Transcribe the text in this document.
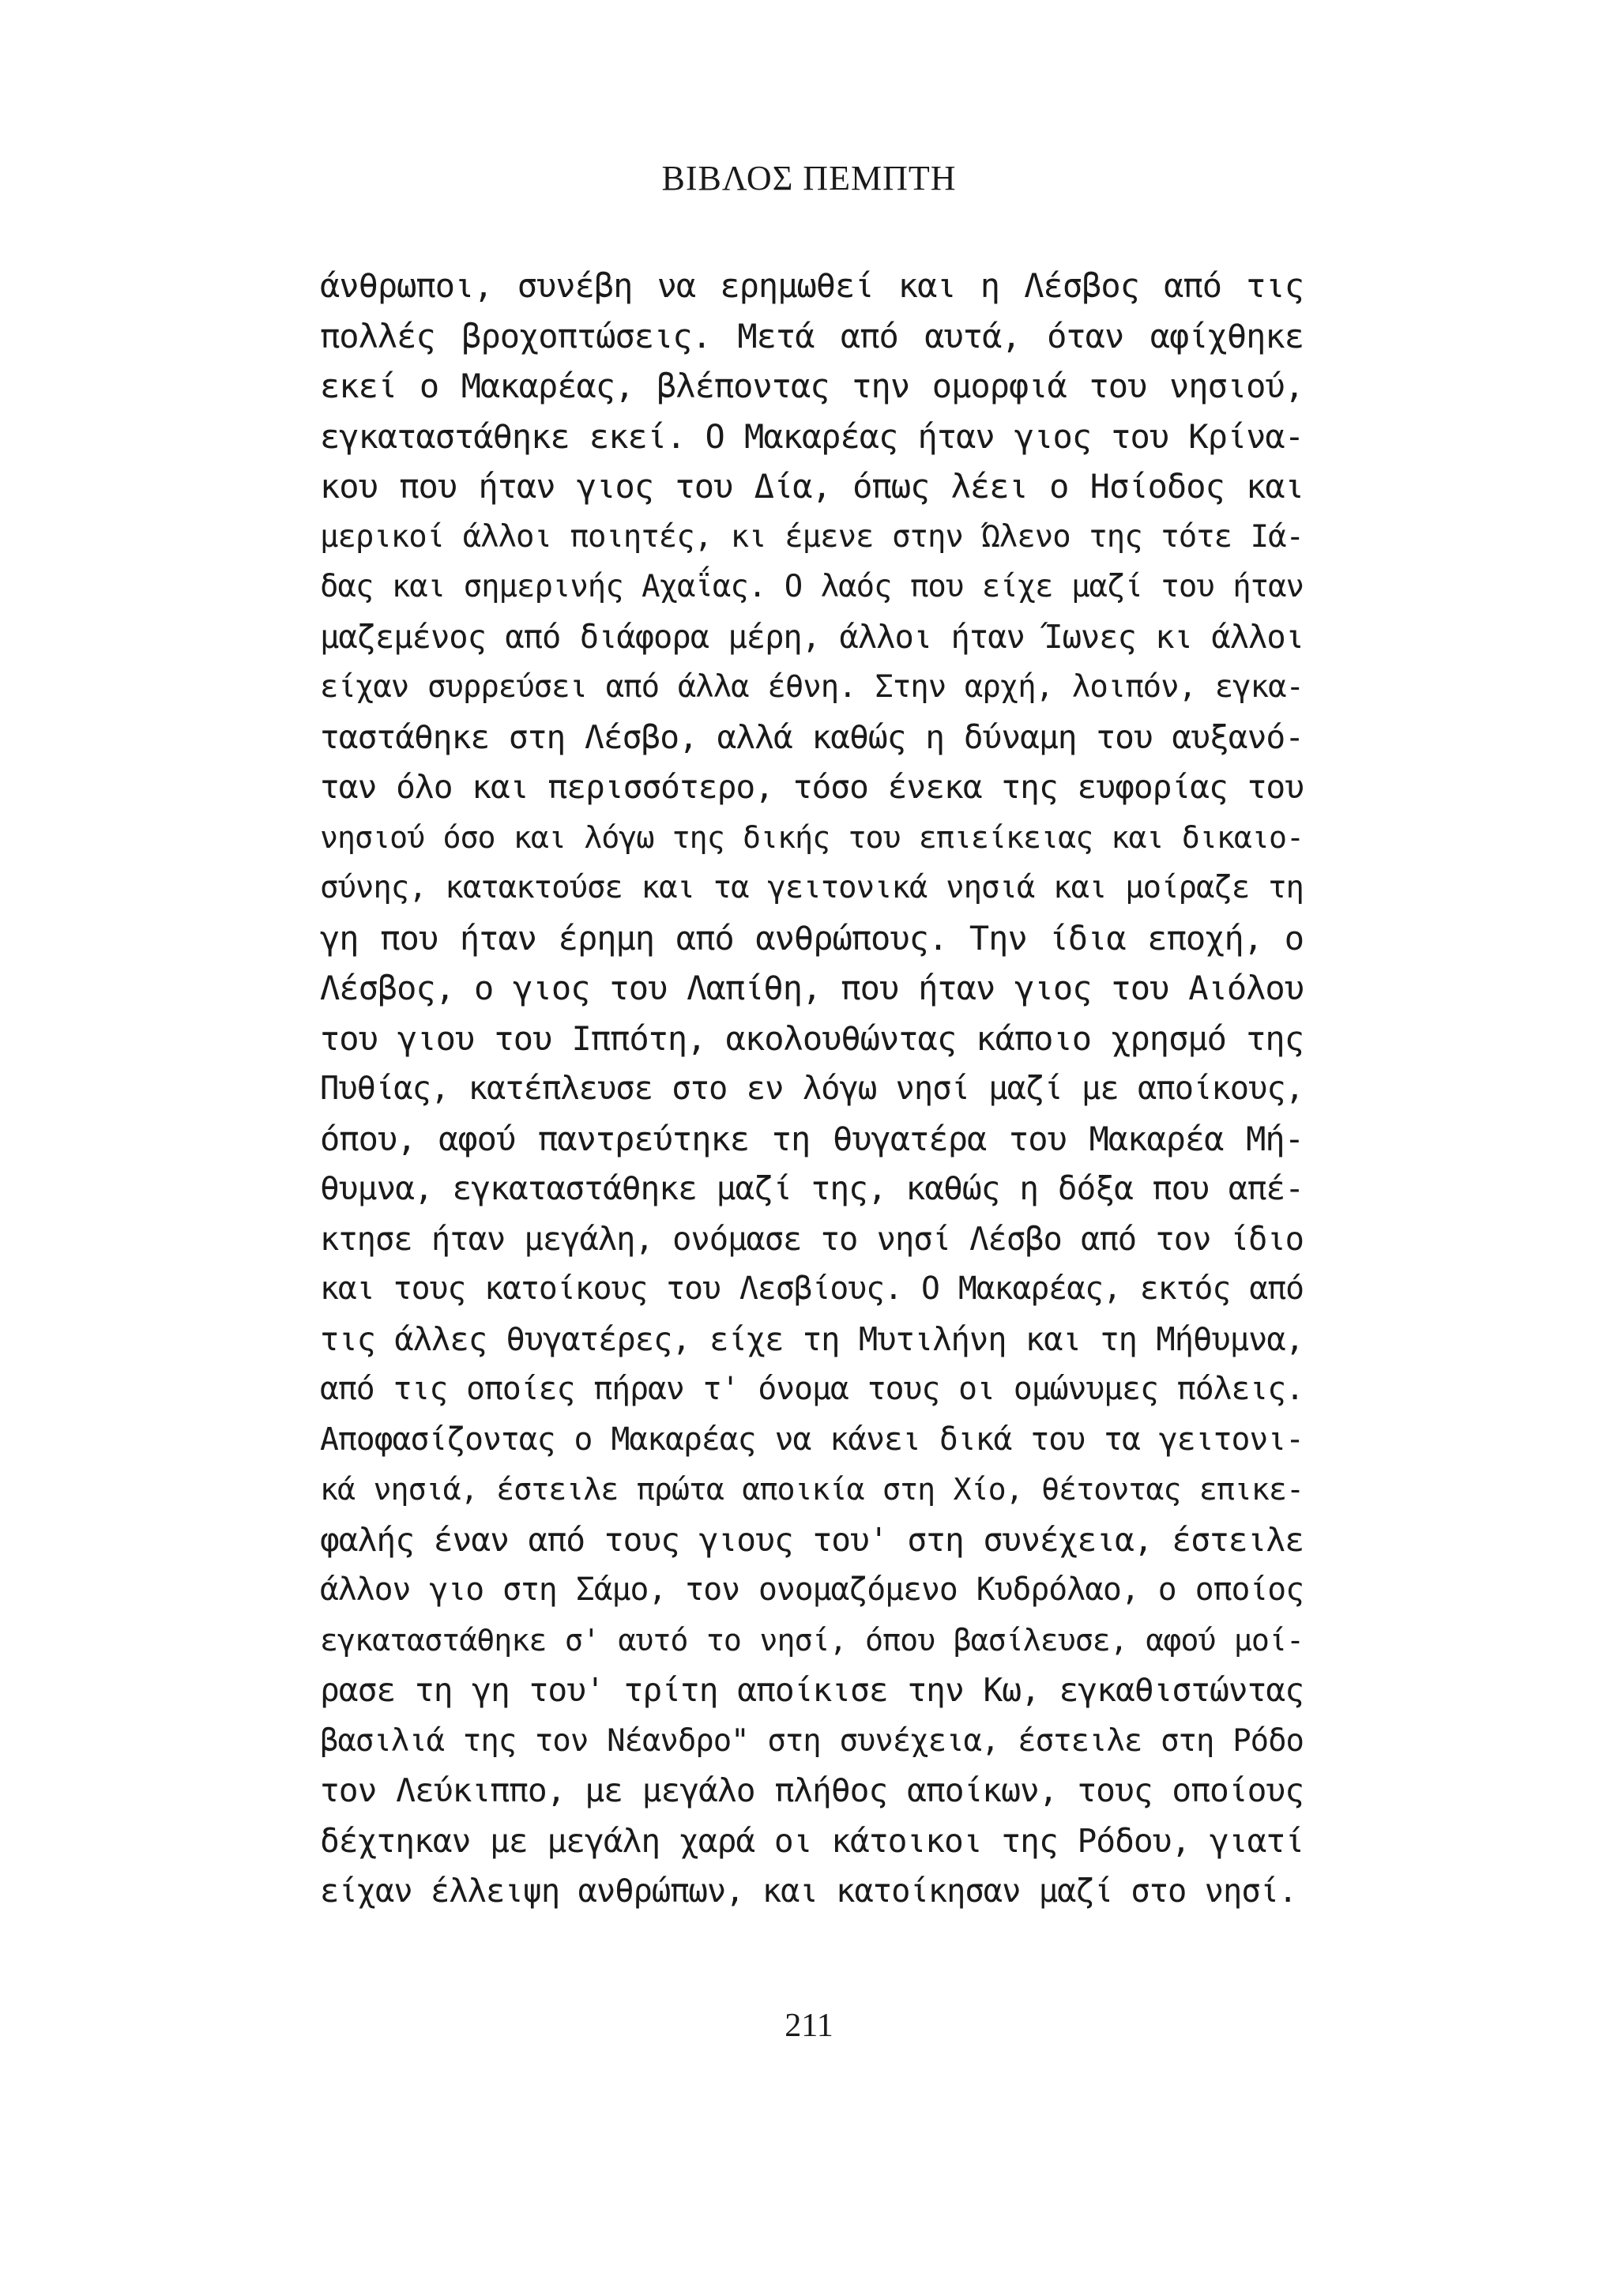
ΒΙΒΛΟΣ ΠΕΜΠΤΗ
άνθρωποι, συνέβη να ερημωθεί και η Λέσβος από τις
πολλές βροχοπτώσεις. Μετά από αυτά, όταν αφίχθηκε
εκεί ο Μακαρέας, βλέποντας την ομορφιά του νησιού,
εγκαταστάθηκε εκεί. Ο Μακαρέας ήταν γιος του Κρίνα-
κου που ήταν γιος του Δία, όπως λέει ο Ησίοδος και
μερικοί άλλοι ποιητές, κι έμενε στην Ώλενο της τότε Ιά-
δας και σημερινής Αχαΐας. Ο λαός που είχε μαζί του ήταν
μαζεμένος από διάφορα μέρη, άλλοι ήταν Ίωνες κι άλλοι
είχαν συρρεύσει από άλλα έθνη. Στην αρχή, λοιπόν, εγκα-
ταστάθηκε στη Λέσβο, αλλά καθώς η δύναμη του αυξανό-
ταν όλο και περισσότερο, τόσο ένεκα της ευφορίας του
νησιού όσο και λόγω της δικής του επιείκειας και δικαιο-
σύνης, κατακτούσε και τα γειτονικά νησιά και μοίραζε τη
γη που ήταν έρημη από ανθρώπους. Την ίδια εποχή, ο
Λέσβος, ο γιος του Λαπίθη, που ήταν γιος του Αιόλου
του γιου του Ιππότη, ακολουθώντας κάποιο χρησμό της
Πυθίας, κατέπλευσε στο εν λόγω νησί μαζί με αποίκους,
όπου, αφού παντρεύτηκε τη θυγατέρα του Μακαρέα Μή-
θυμνα, εγκαταστάθηκε μαζί της, καθώς η δόξα που απέ-
κτησε ήταν μεγάλη, ονόμασε το νησί Λέσβο από τον ίδιο
και τους κατοίκους του Λεσβίους. Ο Μακαρέας, εκτός από
τις άλλες θυγατέρες, είχε τη Μυτιλήνη και τη Μήθυμνα,
από τις οποίες πήραν τ' όνομα τους οι ομώνυμες πόλεις.
Αποφασίζοντας ο Μακαρέας να κάνει δικά του τα γειτονι-
κά νησιά, έστειλε πρώτα αποικία στη Χίο, θέτοντας επικε-
φαλής έναν από τους γιους του' στη συνέχεια, έστειλε
άλλον γιο στη Σάμο, τον ονομαζόμενο Κυδρόλαο, ο οποίος
εγκαταστάθηκε σ' αυτό το νησί, όπου βασίλευσε, αφού μοί-
ρασε τη γη του' τρίτη αποίκισε την Κω, εγκαθιστώντας
βασιλιά της τον Νέανδρο" στη συνέχεια, έστειλε στη Ρόδο
τον Λεύκιππο, με μεγάλο πλήθος αποίκων, τους οποίους
δέχτηκαν με μεγάλη χαρά οι κάτοικοι της Ρόδου, γιατί
είχαν έλλειψη ανθρώπων, και κατοίκησαν μαζί στο νησί.
211
